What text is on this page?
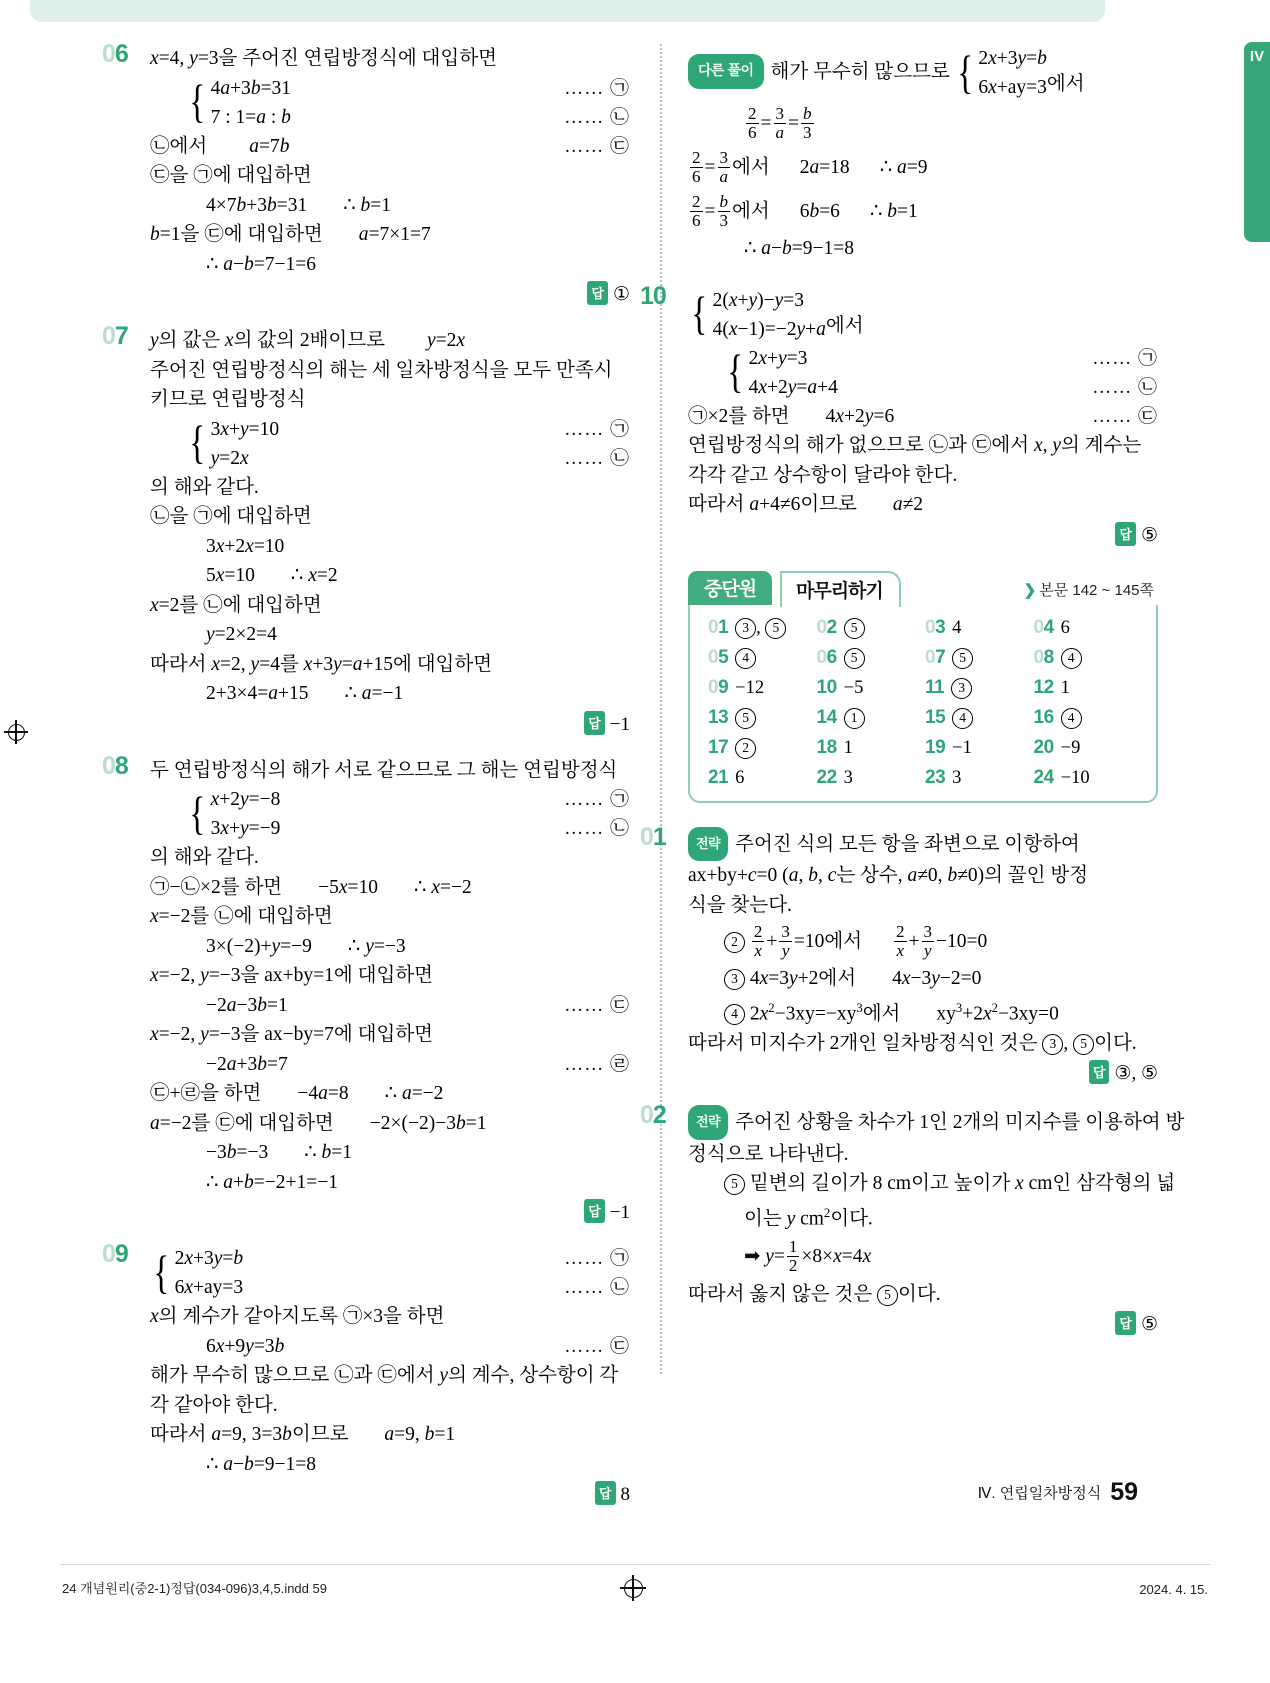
IV
06 x=4, y=3을 주어진 연립방정식에 대입하면
{ 4a+3b=31
7 : 1=a : b
…… ㉠
…… ㉡
㉡에서 a=7b	…… ㉢
㉢을 ㉠에 대입하면
4×7b+3b=31 ∴ b=1
b=1을 ㉢에 대입하면 a=7×1=7
∴ a−b=7−1=6
답 ①
07 y의 값은 x의 값의 2배이므로 y=2x
주어진 연립방정식의 해는 세 일차방정식을 모두 만족시
키므로 연립방정식
{ 3x+y=10
y=2x
…… ㉠
…… ㉡
의 해와 같다.
㉡을 ㉠에 대입하면
3x+2x=10
5x=10 ∴ x=2
x=2를 ㉡에 대입하면
y=2×2=4
따라서 x=2, y=4를 x+3y=a+15에 대입하면
2+3×4=a+15 ∴ a=−1
답 −1
08 두 연립방정식의 해가 서로 같으므로 그 해는 연립방정식
{ x+2y=−8
3x+y=−9
…… ㉠
…… ㉡
의 해와 같다.
㉠−㉡×2를 하면 −5x=10 ∴ x=−2
x=−2를 ㉡에 대입하면
3×(−2)+y=−9 ∴ y=−3
x=−2, y=−3을 ax+by=1에 대입하면
−2a−3b=1	…… ㉢
x=−2, y=−3을 ax−by=7에 대입하면
−2a+3b=7	…… ㉣
㉢+㉣을 하면 −4a=8 ∴ a=−2
a=−2를 ㉢에 대입하면 −2×(−2)−3b=1
−3b=−3 ∴ b=1
∴ a+b=−2+1=−1
답 −1
09 { 2x+3y=b
6x+ay=3
…… ㉠
…… ㉡
x의 계수가 같아지도록 ㉠×3을 하면
6x+9y=3b	…… ㉢
해가 무수히 많으므로 ㉡과 ㉢에서 y의 계수, 상수항이 각
각 같아야 한다.
따라서 a=9, 3=3b이므로 a=9, b=1
∴ a−b=9−1=8
답 8
다른 풀이 해가 무수히 많으므로 { 2x+3y=b
6x+ay=3 에서
$\frac{2}{6} = \frac{3}{a} = \frac{b}{3}$
$\frac{2}{6} = \frac{3}{a}$ 에서 2a=18 ∴ a=9
$\frac{2}{6} = \frac{b}{3}$ 에서 6b=6 ∴ b=1
∴ a−b=9−1=8
10 { 2(x+y)−y=3
4(x−1)=−2y+a 에서
{ 2x+y=3
4x+2y=a+4
…… ㉠
…… ㉡
㉠×2를 하면 4x+2y=6	…… ㉢
연립방정식의 해가 없으므로 ㉡과 ㉢에서 x, y의 계수는
각각 같고 상수항이 달라야 한다.
따라서 a+4≠6이므로 a≠2
답 ⑤
중단원	마무리하기	❯ 본문 142 ~ 145쪽
01 3 , 5	02 5	03 4	04 6
05 4	06 5	07 5	08 4
09 −12	10 −5	11 3	12 1
13 5	14 1	15 4	16 4
17 2	18 1	19 −1	20 −9
21 6	22 3	23 3	24 −10
01	전략 주어진 식의 모든 항을 좌변으로 이항하여
ax+by+c=0 (a, b, c는 상수, a≠0, b≠0)의 꼴인 방정
식을 찾는다.
$2 \frac{2}{x} + \frac{3}{y} =10$에서 $\frac{2}{x} + \frac{3}{y} -10=0$
3 4x=3y+2에서 4x−3y−2=0
4 $2x^2-3xy=-xy^3$에서 $xy^3+2x^2-3xy=0$
따라서 미지수가 2개인 일차방정식인 것은 3 , 5 이다.
답 ③, ⑤
02	전략 주어진 상황을 차수가 1인 2개의 미지수를 이용하여 방
정식으로 나타낸다.
5 밑변의 길이가 8 cm이고 높이가 x cm인 삼각형의 넓
이는 y $cm^2$이다.
➡ $y= \frac{1}{2} \times 8\times x=4x$
따라서 옳지 않은 것은 5 이다.
답 ⑤
Ⅳ. 연립일차방정식 59
24 개념원리(중2-1)정답(034-096)3,4,5.indd 59	2024. 4. 15.
